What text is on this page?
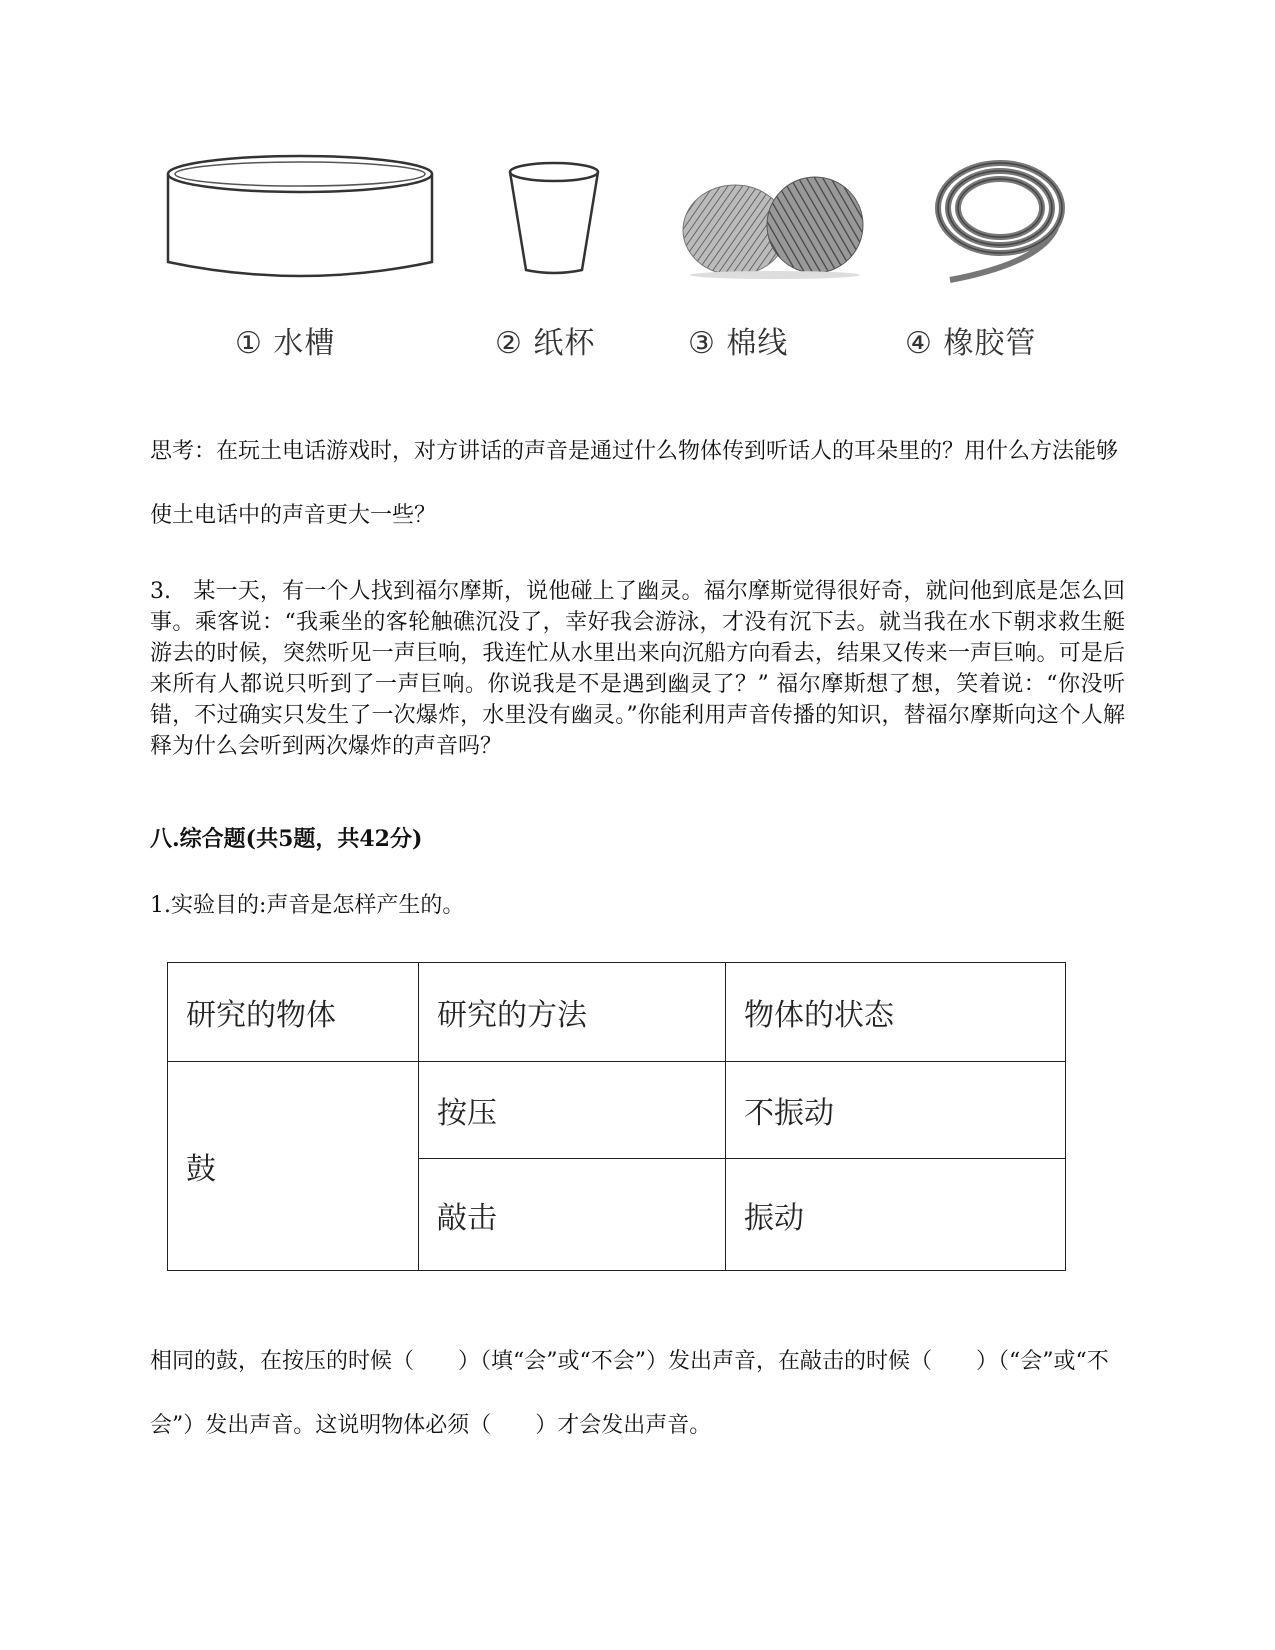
① 水槽	② 纸杯	③ 棉线	④ 橡胶管
思考：在玩土电话游戏时，对方讲话的声音是通过什么物体传到听话人的耳朵里的？用什么方法能够使土电话中的声音更大一些？
3.　某一天，有一个人找到福尔摩斯，说他碰上了幽灵。福尔摩斯觉得很好奇，就问他到底是怎么回事。乘客说：“我乘坐的客轮触礁沉没了，幸好我会游泳，才没有沉下去。就当我在水下朝求救生艇游去的时候，突然听见一声巨响，我连忙从水里出来向沉船方向看去，结果又传来一声巨响。可是后来所有人都说只听到了一声巨响。你说我是不是遇到幽灵了？” 福尔摩斯想了想，笑着说：“你没听错，不过确实只发生了一次爆炸，水里没有幽灵。”你能利用声音传播的知识，替福尔摩斯向这个人解释为什么会听到两次爆炸的声音吗？
八.综合题(共5题，共42分)
1.实验目的:声音是怎样产生的。
研究的物体	研究的方法	物体的状态
鼓	按压	不振动
	敲击	振动
相同的鼓，在按压的时候（　　）（填“会”或“不会”）发出声音，在敲击的时候（　　）（“会”或“不会”）发出声音。这说明物体必须（　　）才会发出声音。
